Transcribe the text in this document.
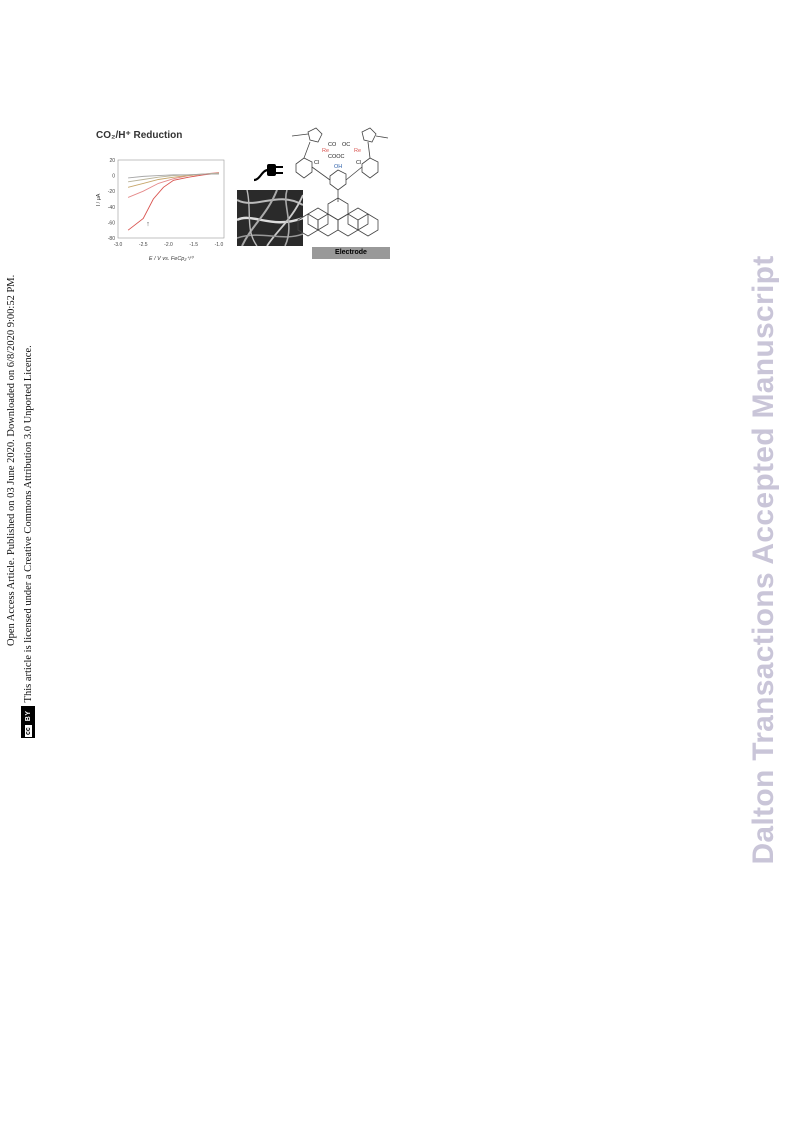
Open Access Article. Published on 03 June 2020. Downloaded on 6/8/2020 9:00:52 PM.
cc
BY
This article is licensed under a Creative Commons Attribution 3.0 Unported Licence.	Dalton Transactions Accepted Manuscript
CO₂/H⁺ Reduction
-3.0	-2.5	-2.0	-1.5	-1.0
20
0
-20
-40
-60
-80
E / V vs. FeCp₂⁺/⁰
I / μA
↑
Re	Re
CO OC
COOC
OH
Cl	Cl
Electrode
